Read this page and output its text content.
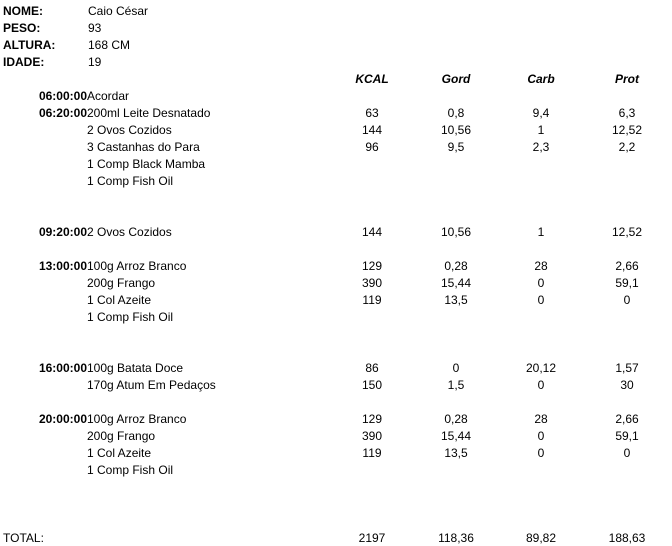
NOME:	Caio César
PESO:	93
ALTURA:	168 CM
IDADE:	19
KCAL	Gord	Carb	Prot
06:00:00 Acordar
06:20:00 200ml Leite Desnatado	63	0,8	9,4	6,3
2 Ovos Cozidos	144	10,56	1	12,52
3 Castanhas do Para	96	9,5	2,3	2,2
1 Comp Black Mamba
1 Comp Fish Oil
09:20:00 2 Ovos Cozidos	144	10,56	1	12,52
13:00:00 100g Arroz Branco	129	0,28	28	2,66
200g Frango	390	15,44	0	59,1
1 Col Azeite	119	13,5	0	0
1 Comp Fish Oil
16:00:00 100g Batata Doce	86	0	20,12	1,57
170g Atum Em Pedaços	150	1,5	0	30
20:00:00 100g Arroz Branco	129	0,28	28	2,66
200g Frango	390	15,44	0	59,1
1 Col Azeite	119	13,5	0	0
1 Comp Fish Oil
TOTAL:	2197	118,36	89,82	188,63
